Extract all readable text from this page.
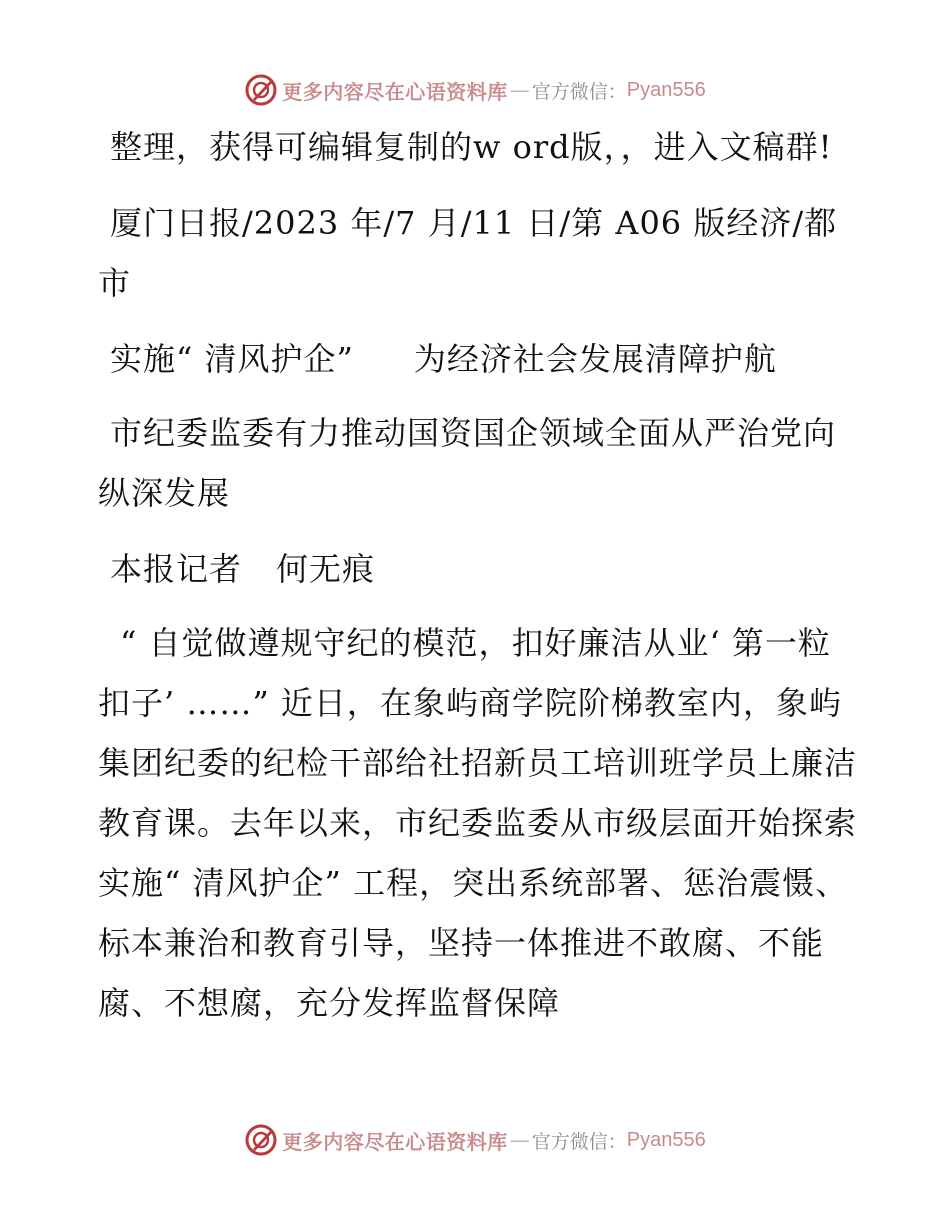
更多内容尽在心语资料库 — 官方微信： Pyan556

整理，获得可编辑复制的w ord版，，进入文稿群!

厦门日报/2023 年/7 月/11 日/第 A06 版经济/都市

实施“ 清风护企” 为经济社会发展清障护航

市纪委监委有力推动国资国企领域全面从严治党向纵深发展

本报记者 何无痕

“ 自觉做遵规守纪的模范，扣好廉洁从业‘ 第一粒扣子’ ……” 近日，在象屿商学院阶梯教室内，象屿集团纪委的纪检干部给社招新员工培训班学员上廉洁教育课。去年以来，市纪委监委从市级层面开始探索实施“ 清风护企” 工程，突出系统部署、惩治震慑、标本兼治和教育引导，坚持一体推进不敢腐、不能腐、不想腐，充分发挥监督保障

更多内容尽在心语资料库 — 官方微信： Pyan556
